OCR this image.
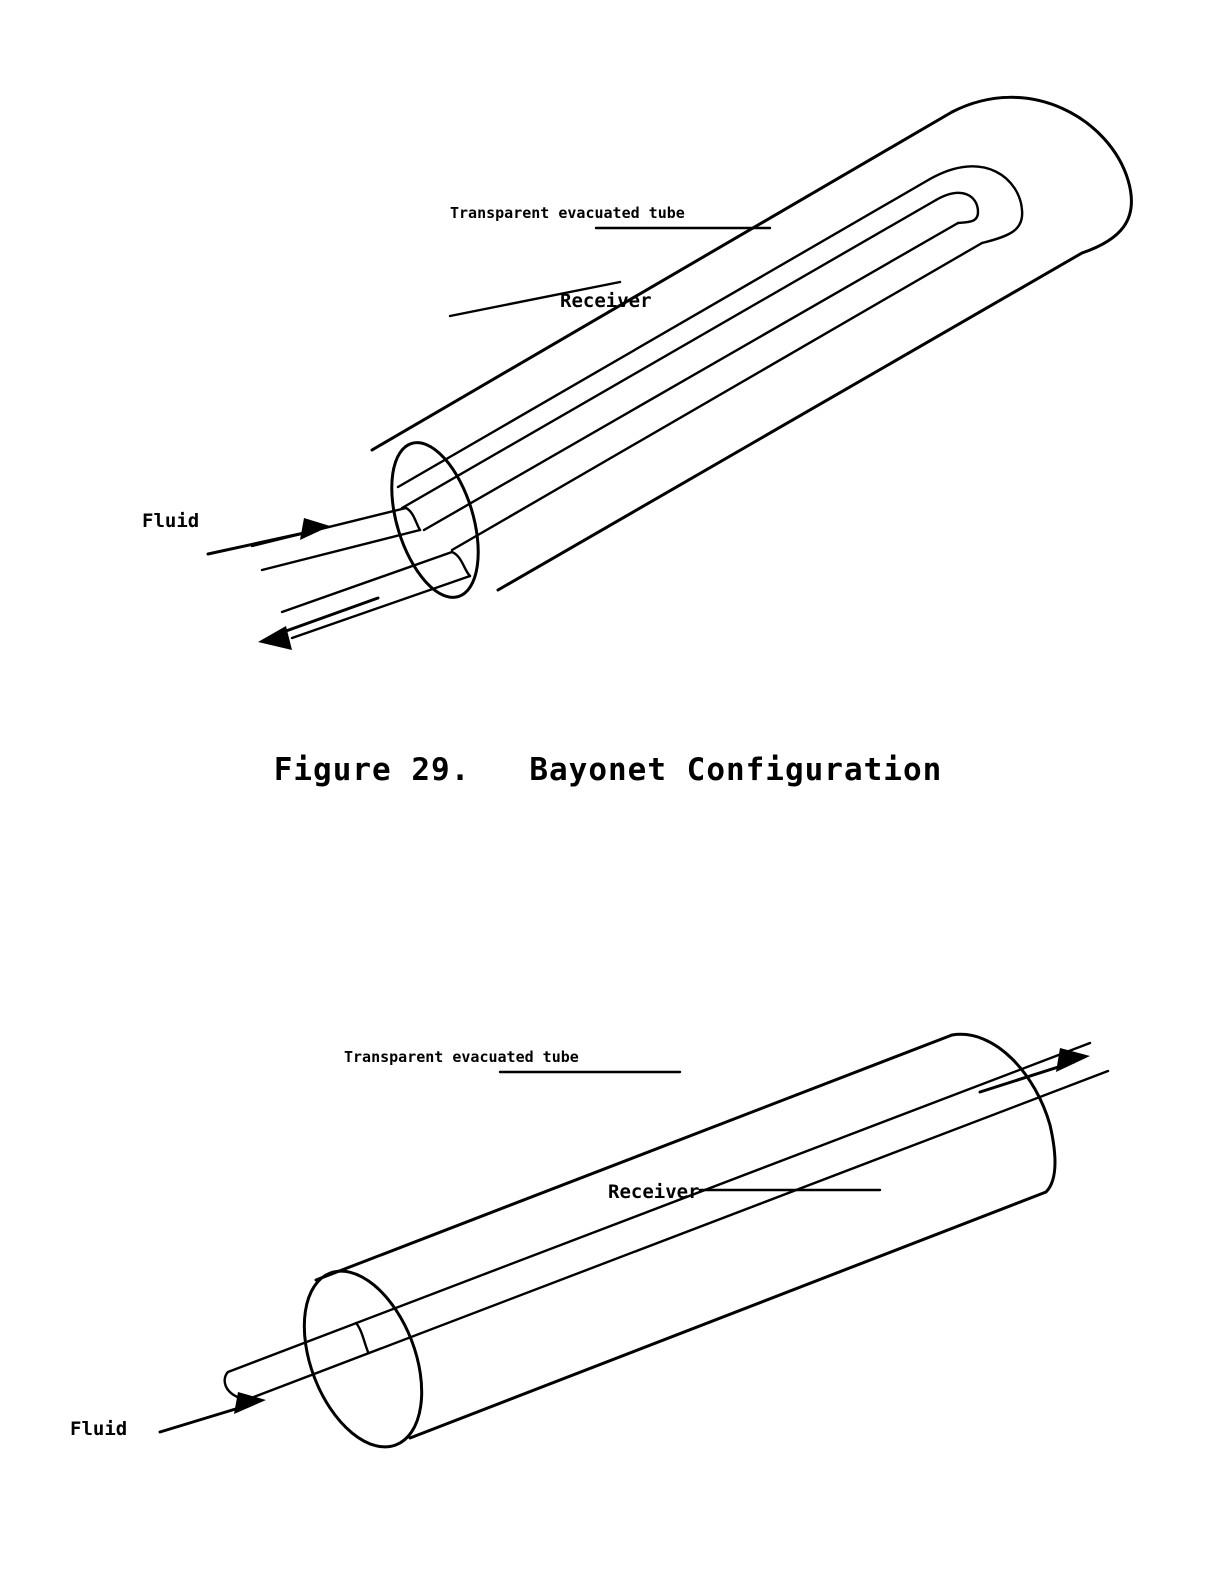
Transparent evacuated tube
Receiver
Fluid
Figure 29.   Bayonet Configuration
Transparent evacuated tube
Receiver
Fluid
